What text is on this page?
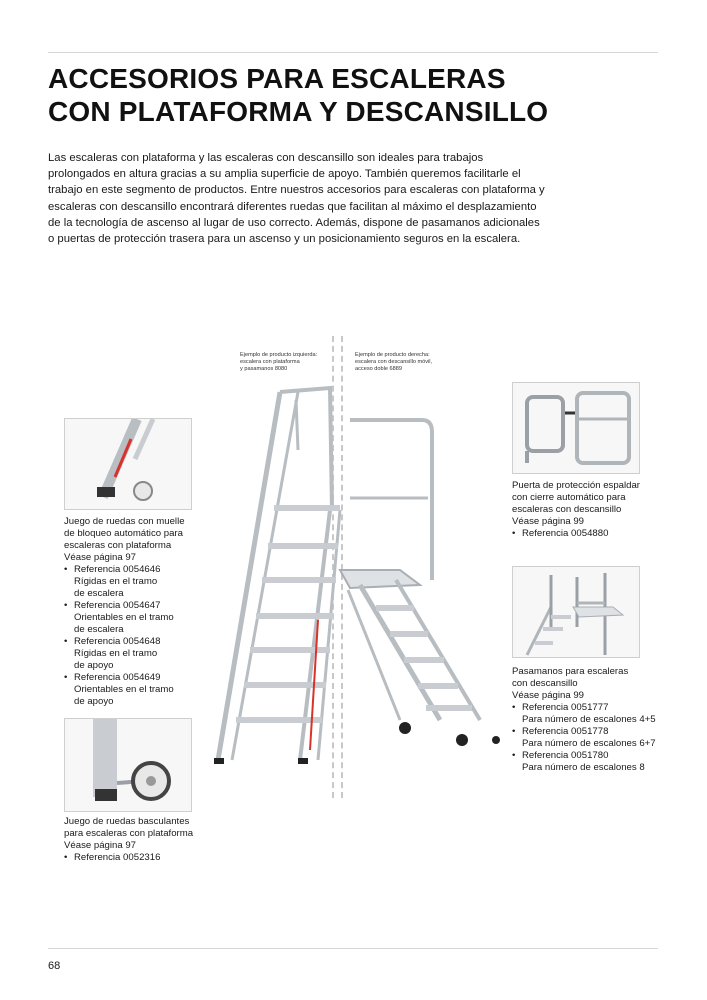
ACCESORIOS PARA ESCALERAS
CON PLATAFORMA Y DESCANSILLO

Las escaleras con plataforma y las escaleras con descansillo son ideales para trabajos prolongados en altura gracias a su amplia superficie de apoyo. También queremos facilitarle el trabajo en este segmento de productos. Entre nuestros accesorios para escaleras con plataforma y escaleras con descansillo encontrará diferentes ruedas que facilitan al máximo el desplazamiento de la tecnología de ascenso al lugar de uso correcto. Además, dispone de pasamanos adicionales o puertas de protección trasera para un ascenso y un posicionamiento seguros en la escalera.

Ejemplo de producto izquierda:
escalera con plataforma
y pasamanos 8080
Ejemplo de producto derecha:
escalera con descansillo móvil,
acceso doble 6889
Juego de ruedas con muelle
de bloqueo automático para
escaleras con plataforma
Véase página 97
• Referencia 0054646
Rígidas en el tramo
de escalera
• Referencia 0054647
Orientables en el tramo
de escalera
• Referencia 0054648
Rígidas en el tramo
de apoyo
• Referencia 0054649
Orientables en el tramo
de apoyo
Juego de ruedas basculantes
para escaleras con plataforma
Véase página 97
• Referencia 0052316
Puerta de protección espaldar
con cierre automático para
escaleras con descansillo
Véase página 99
• Referencia 0054880
Pasamanos para escaleras
con descansillo
Véase página 99
• Referencia 0051777
Para número de escalones 4+5
• Referencia 0051778
Para número de escalones 6+7
• Referencia 0051780
Para número de escalones 8
68
